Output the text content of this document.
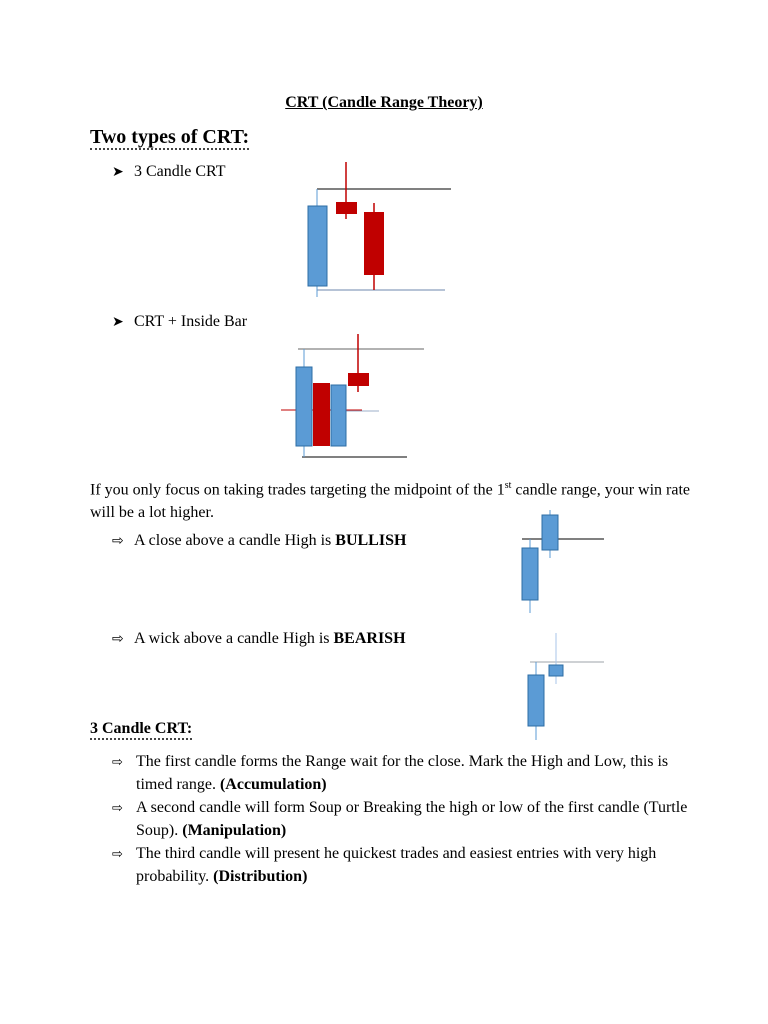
CRT (Candle Range Theory)
Two types of CRT:
➤ 3 Candle CRT
➤ CRT + Inside Bar
If you only focus on taking trades targeting the midpoint of the 1st candle range, your win rate will be a lot higher.
⇨ A close above a candle High is BULLISH
⇨ A wick above a candle High is BEARISH
3 Candle CRT:
⇨ The first candle forms the Range wait for the close. Mark the High and Low, this is timed range. (Accumulation)
⇨ A second candle will form Soup or Breaking the high or low of the first candle (Turtle Soup). (Manipulation)
⇨ The third candle will present he quickest trades and easiest entries with very high probability. (Distribution)
